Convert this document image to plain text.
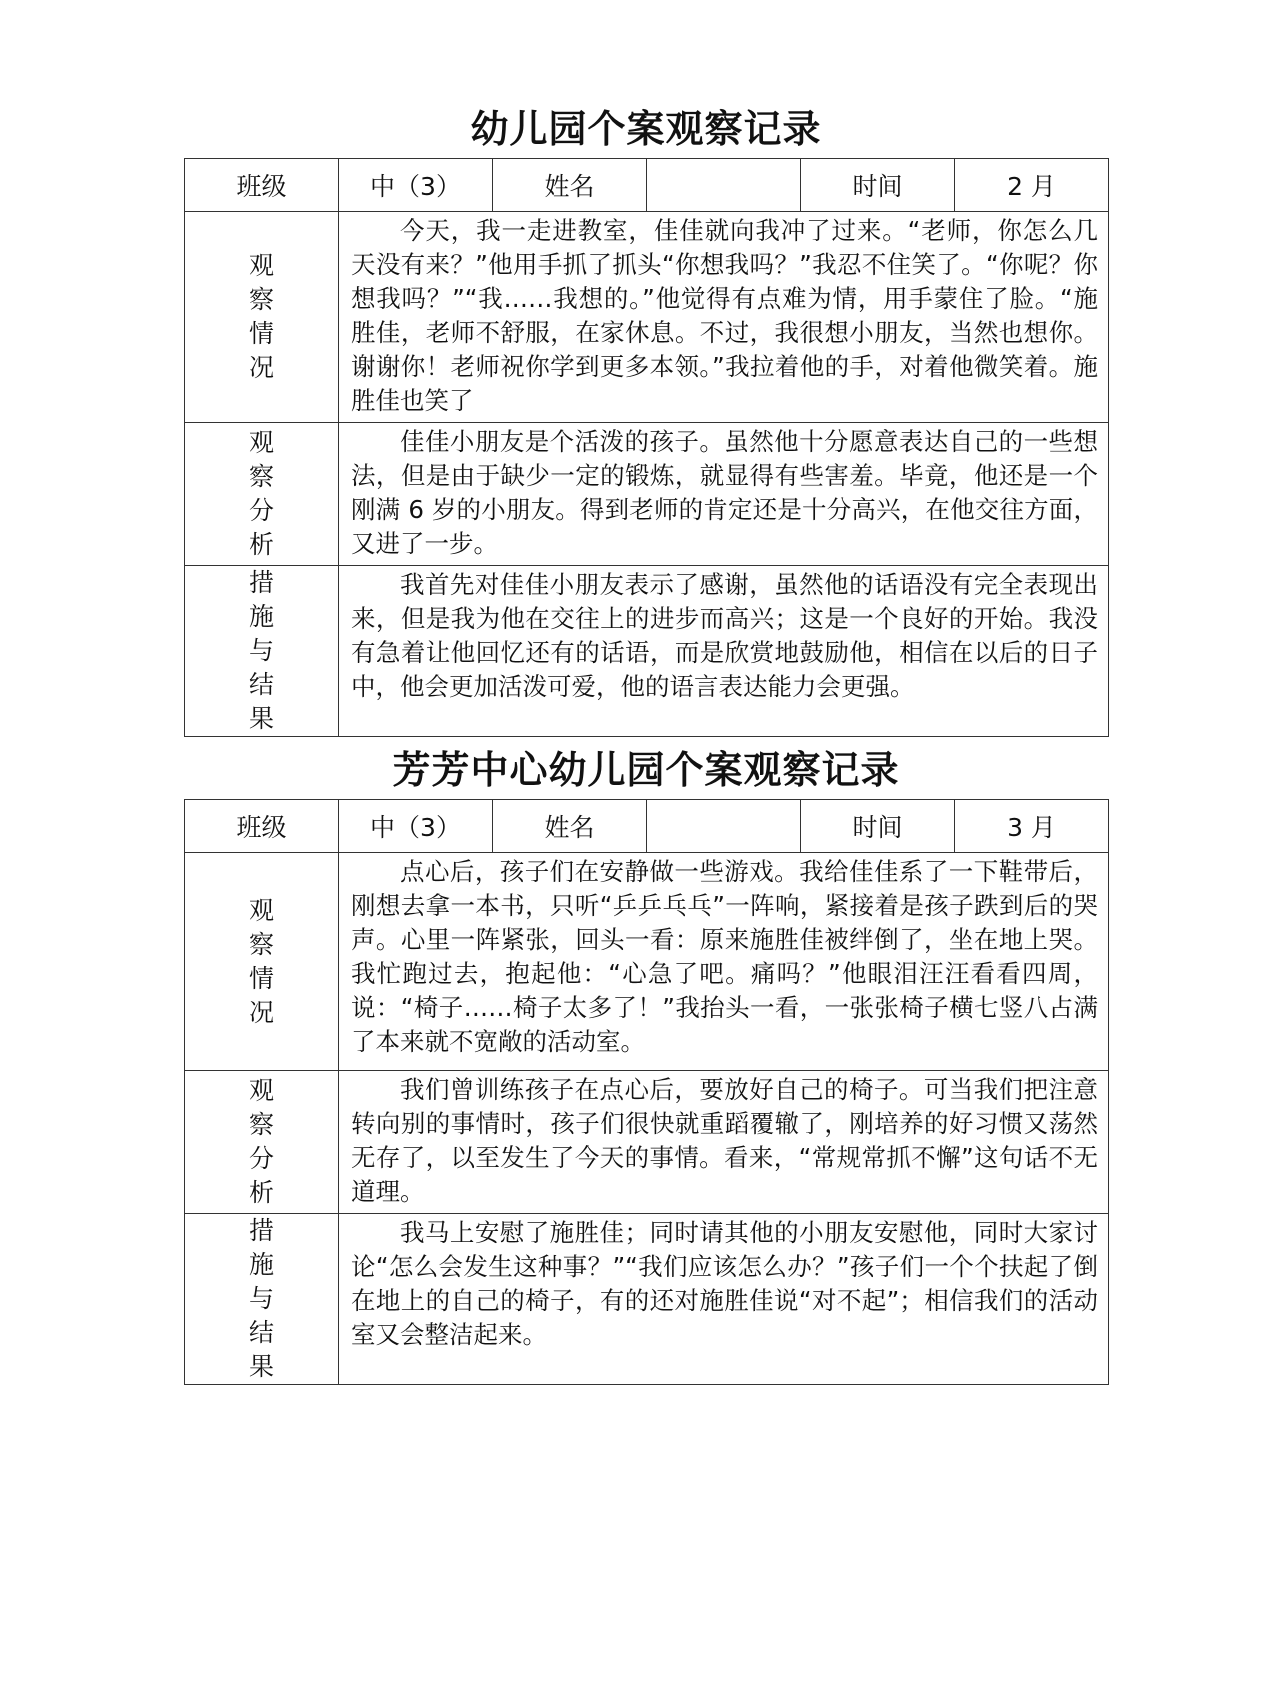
幼儿园个案观察记录
班级	中（3）	姓名		时间	2 月

观
察
情
况	今天，我一走进教室，佳佳就向我冲了过来。“老师，你怎么几天没有来？”他用手抓了抓头“你想我吗？”我忍不住笑了。“你呢？你想我吗？”“我……我想的。”他觉得有点难为情，用手蒙住了脸。“施胜佳，老师不舒服，在家休息。不过，我很想小朋友，当然也想你。谢谢你！老师祝你学到更多本领。”我拉着他的手，对着他微笑着。施胜佳也笑了				

观
察
分
析	佳佳小朋友是个活泼的孩子。虽然他十分愿意表达自己的一些想法，但是由于缺少一定的锻炼，就显得有些害羞。毕竟，他还是一个刚满 6 岁的小朋友。得到老师的肯定还是十分高兴，在他交往方面，又进了一步。				

措
施
与
结
果	我首先对佳佳小朋友表示了感谢，虽然他的话语没有完全表现出来，但是我为他在交往上的进步而高兴；这是一个良好的开始。我没有急着让他回忆还有的话语，而是欣赏地鼓励他，相信在以后的日子中，他会更加活泼可爱，他的语言表达能力会更强。				

芳芳中心幼儿园个案观察记录
班级	中（3）	姓名		时间	3 月

观
察
情
况	点心后，孩子们在安静做一些游戏。我给佳佳系了一下鞋带后，刚想去拿一本书，只听“乒乒乓乓”一阵响，紧接着是孩子跌到后的哭声。心里一阵紧张，回头一看：原来施胜佳被绊倒了，坐在地上哭。我忙跑过去，抱起他：“心急了吧。痛吗？”他眼泪汪汪看看四周，说：“椅子……椅子太多了！”我抬头一看，一张张椅子横七竖八占满了本来就不宽敞的活动室。				

观
察
分
析	我们曾训练孩子在点心后，要放好自己的椅子。可当我们把注意转向别的事情时，孩子们很快就重蹈覆辙了，刚培养的好习惯又荡然无存了，以至发生了今天的事情。看来，“常规常抓不懈”这句话不无道理。				

措
施
与
结
果	我马上安慰了施胜佳；同时请其他的小朋友安慰他，同时大家讨论“怎么会发生这种事？”“我们应该怎么办？”孩子们一个个扶起了倒在地上的自己的椅子，有的还对施胜佳说“对不起”；相信我们的活动室又会整洁起来。				
